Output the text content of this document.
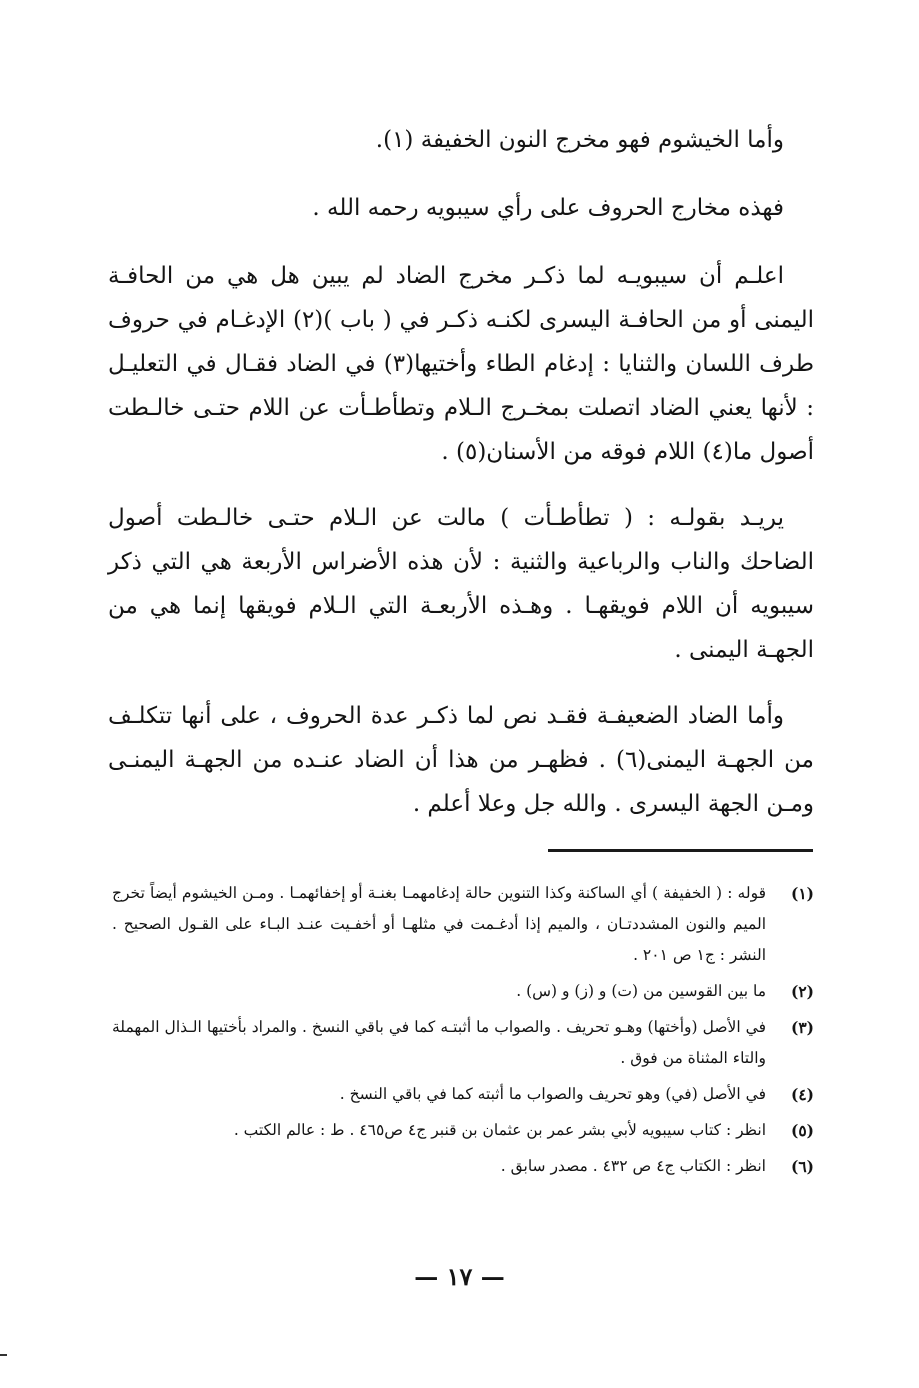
وأما الخيشوم فهو مخرج النون الخفيفة (١).

فهذه مخارج الحروف على رأي سيبويه رحمه الله .

اعلـم أن سيبويـه لما ذكـر مخرج الضاد لم يبين هل هي من الحافـة اليمنى أو من الحافـة اليسرى لكنـه ذكـر في ( باب )(٢) الإدغـام في حروف طرف اللسان والثنايا : إدغام الطاء وأختيها(٣) في الضاد فقـال في التعليـل : لأنها يعني الضاد اتصلت بمخـرج الـلام وتطأطـأت عن اللام حتـى خالـطت أصول ما(٤) اللام فوقه من الأسنان(٥) .

يريـد بقولـه : ( تطأطـأت ) مالت عن الـلام حتـى خالـطت أصول الضاحك والناب والرباعية والثنية : لأن هذه الأضراس الأربعة هي التي ذكر سيبويه أن اللام فويقهـا . وهـذه الأربعـة التي الـلام فويقها إنما هي من الجهـة اليمنى .

وأما الضاد الضعيفـة فقـد نص لما ذكـر عدة الحروف ، على أنها تتكلـف من الجهـة اليمنى(٦) . فظهـر من هذا أن الضاد عنـده من الجهـة اليمنـى ومـن الجهة اليسرى . والله جل وعلا أعلم .

(١)
قوله : ( الخفيفة ) أي الساكنة وكذا التنوين حالة إدغامهمـا بغنـة أو إخفائهمـا . ومـن الخيشوم أيضاً تخرج الميم والنون المشددتـان ، والميم إذا أدغـمت في مثلهـا أو أخفـيت عنـد البـاء على القـول الصحيح . النشر : ج١ ص ٢٠١ .
(٢)
ما بين القوسين من (ت) و (ز) و (س) .
(٣)
في الأصل (وأختها) وهـو تحريف . والصواب ما أثبتـه كما في باقي النسخ . والمراد بأختيها الـذال المهملة والتاء المثناة من فوق .
(٤)
في الأصل (في) وهو تحريف والصواب ما أثبته كما في باقي النسخ .
(٥)
انظر : كتاب سيبويه لأبي بشر عمر بن عثمان بن قنبر ج٤ ص٤٦٥ . ط : عالم الكتب .
(٦)
انظر : الكتاب ج٤ ص ٤٣٢ . مصدر سابق .
— ١٧ —
